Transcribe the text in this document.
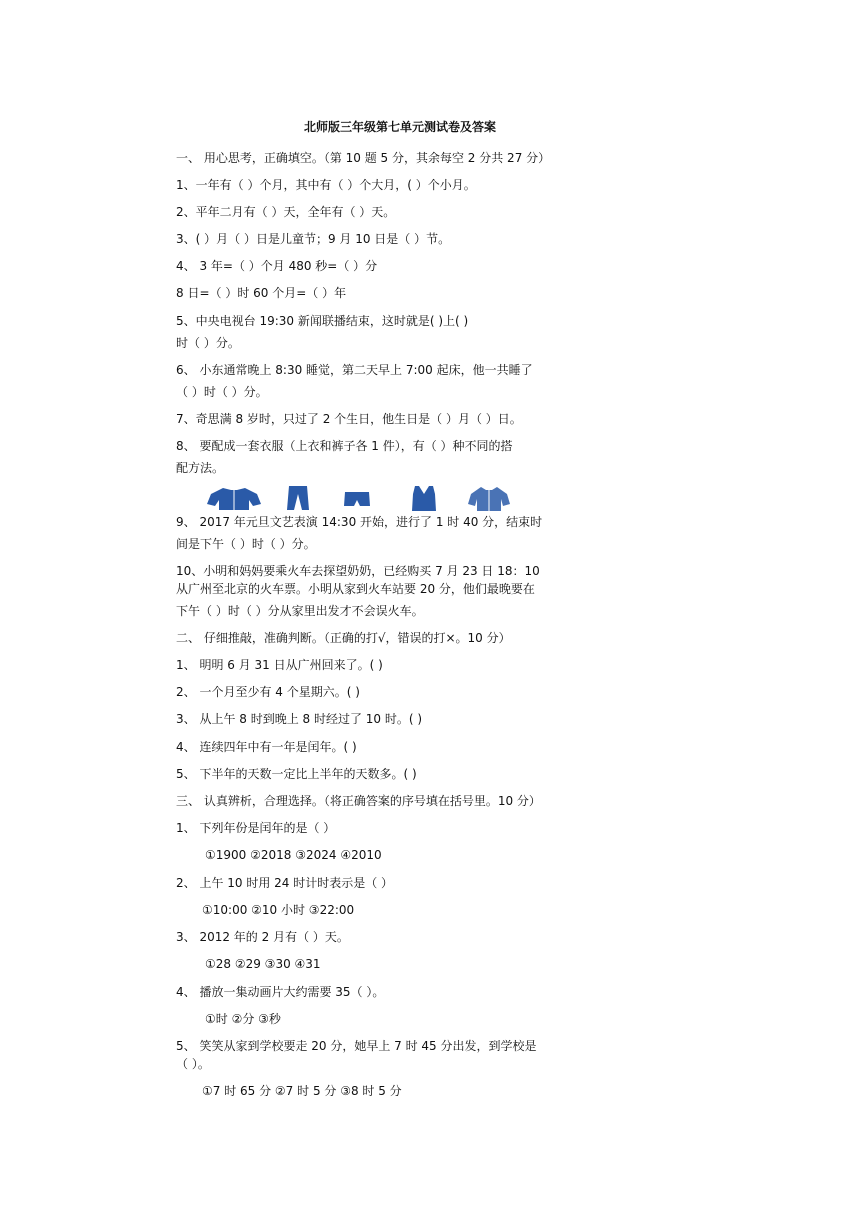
北师版三年级第七单元测试卷及答案
一、 用心思考，正确填空。（第 10 题 5 分，其余每空 2 分共 27 分）
1、一年有（ ）个月，其中有（ ）个大月，( ）个小月。
2、平年二月有（ ）天，全年有（ ）天。
3、( ）月（ ）日是儿童节；9 月 10 日是（ ）节。
4、 3 年=（ ）个月 480 秒=（ ）分
8 日=（ ）时 60 个月=（ ）年
5、中央电视台 19:30 新闻联播结束，这时就是( )上( )
时（ ）分。
6、 小东通常晚上 8:30 睡觉，第二天早上 7:00 起床，他一共睡了
（ ）时（ ）分。
7、奇思满 8 岁时，只过了 2 个生日，他生日是（ ）月（ ）日。
8、 要配成一套衣服（上衣和裤子各 1 件），有（ ）种不同的搭
配方法。
9、 2017 年元旦文艺表演 14:30 开始，进行了 1 时 40 分，结束时
间是下午（ ）时（ ）分。
10、小明和妈妈要乘火车去探望奶奶，已经购买 7 月 23 日 18：10
从广州至北京的火车票。小明从家到火车站要 20 分，他们最晚要在
下午（ ）时（ ）分从家里出发才不会误火车。
二、 仔细推敲，准确判断。（正确的打√，错误的打×。10 分）
1、 明明 6 月 31 日从广州回来了。( )
2、 一个月至少有 4 个星期六。( )
3、 从上午 8 时到晚上 8 时经过了 10 时。( )
4、 连续四年中有一年是闰年。( )
5、 下半年的天数一定比上半年的天数多。( )
三、 认真辨析，合理选择。（将正确答案的序号填在括号里。10 分）
1、 下列年份是闰年的是（ ）
①1900 ②2018 ③2024 ④2010
2、 上午 10 时用 24 时计时表示是（ ）
①10:00 ②10 小时 ③22:00
3、 2012 年的 2 月有（ ）天。
①28 ②29 ③30 ④31
4、 播放一集动画片大约需要 35（ ）。
①时 ②分 ③秒
5、 笑笑从家到学校要走 20 分，她早上 7 时 45 分出发，到学校是
（ ）。
①7 时 65 分 ②7 时 5 分 ③8 时 5 分
